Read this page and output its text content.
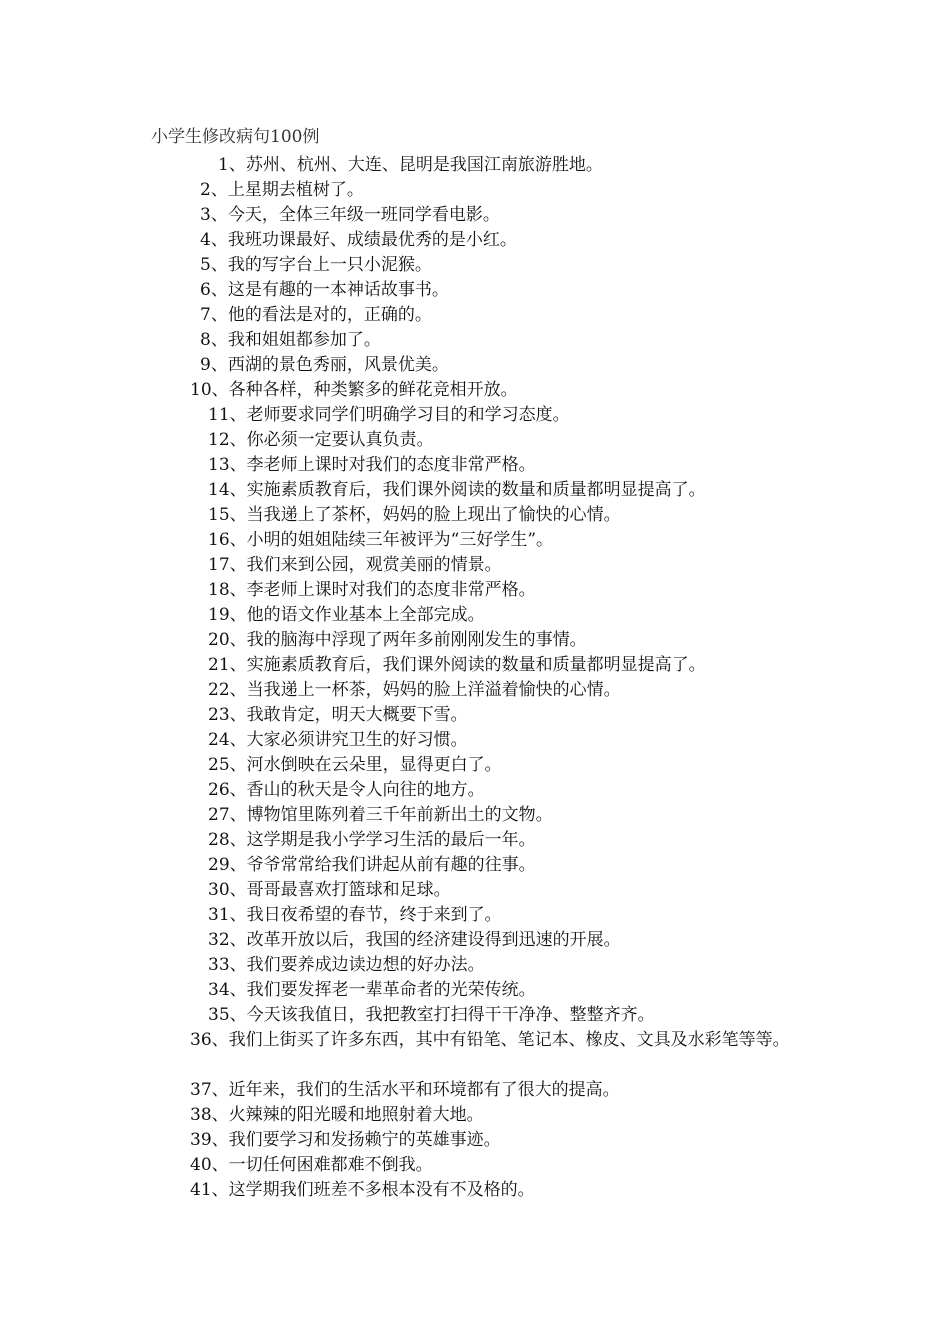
小学生修改病句100例
1、苏州、杭州、大连、昆明是我国江南旅游胜地。
2、上星期去植树了。
3、今天，全体三年级一班同学看电影。
4、我班功课最好、成绩最优秀的是小红。
5、我的写字台上一只小泥猴。
6、这是有趣的一本神话故事书。
7、他的看法是对的，正确的。
8、我和姐姐都参加了。
9、西湖的景色秀丽，风景优美。
10、各种各样，种类繁多的鲜花竞相开放。
11、老师要求同学们明确学习目的和学习态度。
12、你必须一定要认真负责。
13、李老师上课时对我们的态度非常严格。
14、实施素质教育后，我们课外阅读的数量和质量都明显提高了。
15、当我递上了茶杯，妈妈的脸上现出了愉快的心情。
16、小明的姐姐陆续三年被评为“三好学生”。
17、我们来到公园，观赏美丽的情景。
18、李老师上课时对我们的态度非常严格。
19、他的语文作业基本上全部完成。
20、我的脑海中浮现了两年多前刚刚发生的事情。
21、实施素质教育后，我们课外阅读的数量和质量都明显提高了。
22、当我递上一杯茶，妈妈的脸上洋溢着愉快的心情。
23、我敢肯定，明天大概要下雪。
24、大家必须讲究卫生的好习惯。
25、河水倒映在云朵里，显得更白了。
26、香山的秋天是令人向往的地方。
27、博物馆里陈列着三千年前新出土的文物。
28、这学期是我小学学习生活的最后一年。
29、爷爷常常给我们讲起从前有趣的往事。
30、哥哥最喜欢打篮球和足球。
31、我日夜希望的春节，终于来到了。
32、改革开放以后，我国的经济建设得到迅速的开展。
33、我们要养成边读边想的好办法。
34、我们要发挥老一辈革命者的光荣传统。
35、今天该我值日，我把教室打扫得干干净净、整整齐齐。
36、我们上街买了许多东西，其中有铅笔、笔记本、橡皮、文具及水彩笔等等。
37、近年来，我们的生活水平和环境都有了很大的提高。
38、火辣辣的阳光暖和地照射着大地。
39、我们要学习和发扬赖宁的英雄事迹。
40、一切任何困难都难不倒我。
41、这学期我们班差不多根本没有不及格的。
